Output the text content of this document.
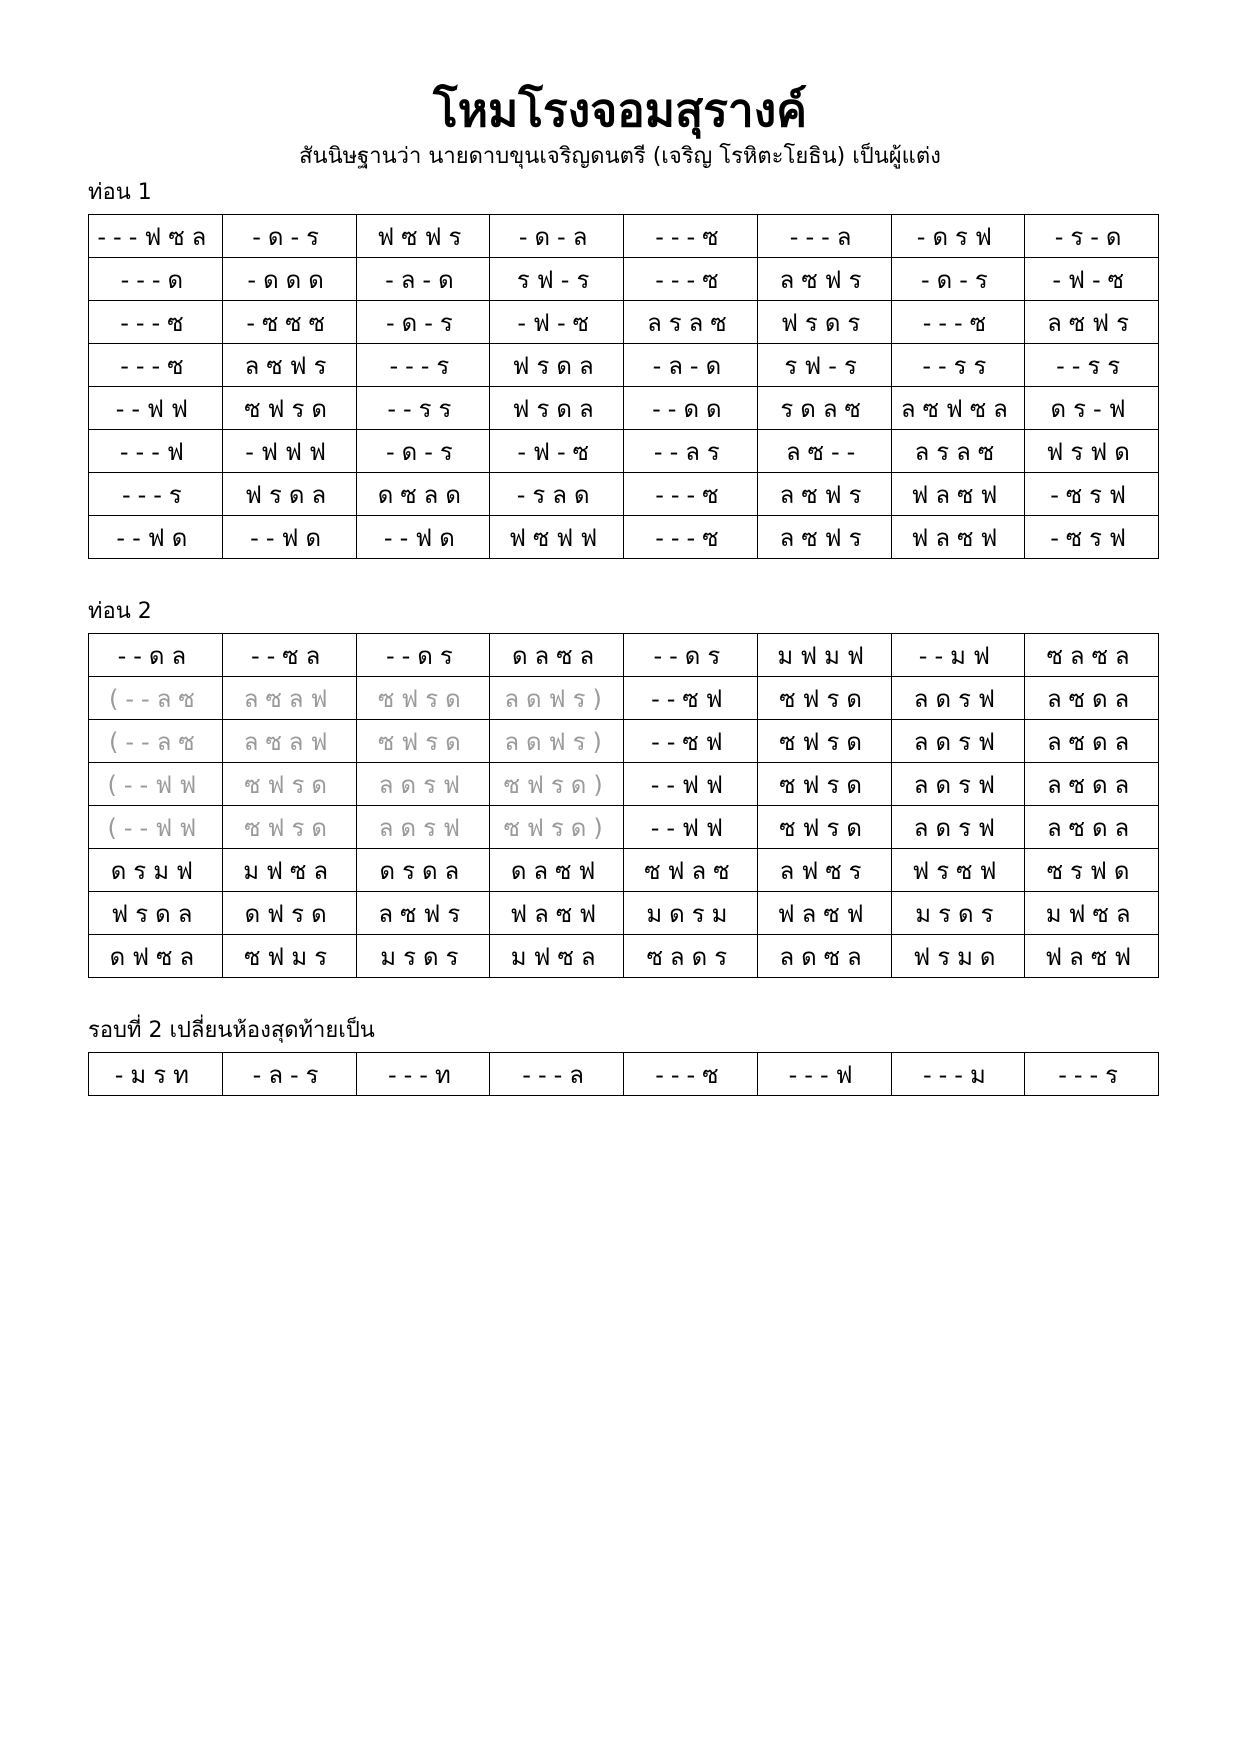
โหมโรงจอมสุรางค์
สันนิษฐานว่า นายดาบขุนเจริญดนตรี (เจริญ โรหิตะโยธิน) เป็นผู้แต่ง
ท่อน 1
---ฟซล	-ด-ร	ฟซฟร	-ด-ล	---ซ	---ล	-ดรฟ	-ร-ด
---ด	-ดดด	-ล-ด	รฟ-ร	---ซ	ลซฟร	-ด-ร	-ฟ-ซ
---ซ	-ซซซ	-ด-ร	-ฟ-ซ	ลรลซ	ฟรดร	---ซ	ลซฟร
---ซ	ลซฟร	---ร	ฟรดล	-ล-ด	รฟ-ร	--รร	--รร
--ฟฟ	ซฟรด	--รร	ฟรดล	--ดด	รดลซ	ลซฟซล	ดร-ฟ
---ฟ	-ฟฟฟ	-ด-ร	-ฟ-ซ	--ลร	ลซ--	ลรลซ	ฟรฟด
---ร	ฟรดล	ดซลด	-รลด	---ซ	ลซฟร	ฟลซฟ	-ซรฟ
--ฟด	--ฟด	--ฟด	ฟซฟฟ	---ซ	ลซฟร	ฟลซฟ	-ซรฟ
ท่อน 2
--ดล	--ซล	--ดร	ดลซล	--ดร	มฟมฟ	--มฟ	ซลซล
(--ลซ	ลซลฟ	ซฟรด	ลดฟร)	--ซฟ	ซฟรด	ลดรฟ	ลซดล
(--ลซ	ลซลฟ	ซฟรด	ลดฟร)	--ซฟ	ซฟรด	ลดรฟ	ลซดล
(--ฟฟ	ซฟรด	ลดรฟ	ซฟรด)	--ฟฟ	ซฟรด	ลดรฟ	ลซดล
(--ฟฟ	ซฟรด	ลดรฟ	ซฟรด)	--ฟฟ	ซฟรด	ลดรฟ	ลซดล
ดรมฟ	มฟซล	ดรดล	ดลซฟ	ซฟลซ	ลฟซร	ฟรซฟ	ซรฟด
ฟรดล	ดฟรด	ลซฟร	ฟลซฟ	มดรม	ฟลซฟ	มรดร	มฟซล
ดฟซล	ซฟมร	มรดร	มฟซล	ซลดร	ลดซล	ฟรมด	ฟลซฟ
รอบที่ 2 เปลี่ยนห้องสุดท้ายเป็น
-มรท	-ล-ร	---ท	---ล	---ซ	---ฟ	---ม	---ร
